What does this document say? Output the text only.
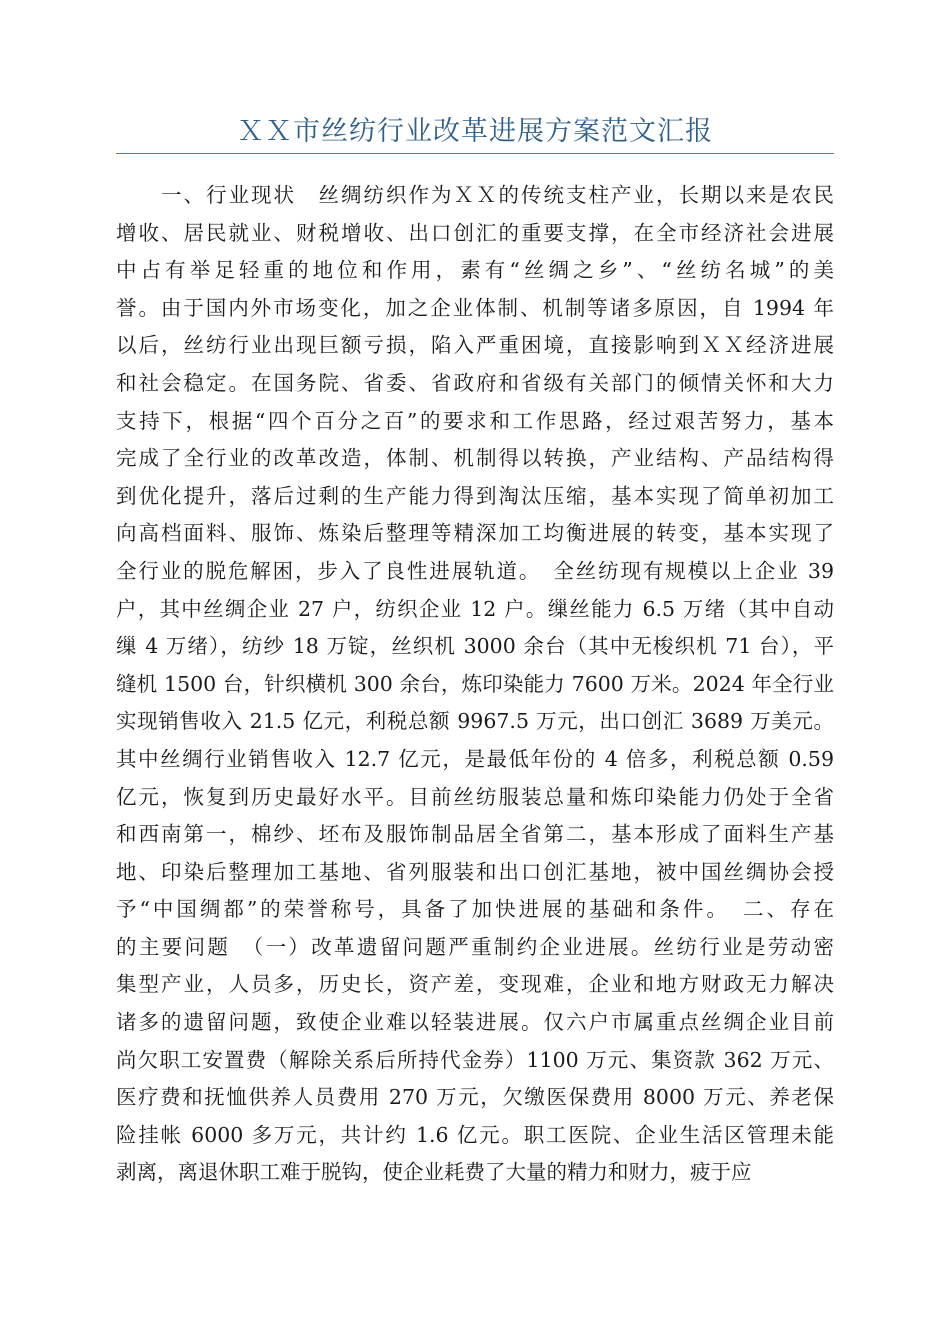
ＸＸ市丝纺行业改革进展方案范文汇报
　　一、行业现状　丝绸纺织作为ＸＸ的传统支柱产业，长期以来是农民
增收、居民就业、财税增收、出口创汇的重要支撑，在全市经济社会进展
中占有举足轻重的地位和作用，素有“丝绸之乡”、“丝纺名城”的美
誉。由于国内外市场变化，加之企业体制、机制等诸多原因，自 1994 年
以后，丝纺行业出现巨额亏损，陷入严重困境，直接影响到ＸＸ经济进展
和社会稳定。在国务院、省委、省政府和省级有关部门的倾情关怀和大力
支持下，根据“四个百分之百”的要求和工作思路，经过艰苦努力，基本
完成了全行业的改革改造，体制、机制得以转换，产业结构、产品结构得
到优化提升，落后过剩的生产能力得到淘汰压缩，基本实现了简单初加工
向高档面料、服饰、炼染后整理等精深加工均衡进展的转变，基本实现了
全行业的脱危解困，步入了良性进展轨道。　全丝纺现有规模以上企业 39
户，其中丝绸企业 27 户，纺织企业 12 户。缫丝能力 6.5 万绪（其中自动
缫 4 万绪），纺纱 18 万锭，丝织机 3000 余台（其中无梭织机 71 台），平
缝机 1500 台，针织横机 300 余台，炼印染能力 7600 万米。2024 年全行业
实现销售收入 21.5 亿元，利税总额 9967.5 万元，出口创汇 3689 万美元。
其中丝绸行业销售收入 12.7 亿元，是最低年份的 4 倍多，利税总额 0.59
亿元，恢复到历史最好水平。目前丝纺服装总量和炼印染能力仍处于全省
和西南第一，棉纱、坯布及服饰制品居全省第二，基本形成了面料生产基
地、印染后整理加工基地、省列服装和出口创汇基地，被中国丝绸协会授
予“中国绸都”的荣誉称号，具备了加快进展的基础和条件。　二、存在
的主要问题　（一）改革遗留问题严重制约企业进展。丝纺行业是劳动密
集型产业，人员多，历史长，资产差，变现难，企业和地方财政无力解决
诸多的遗留问题，致使企业难以轻装进展。仅六户市属重点丝绸企业目前
尚欠职工安置费（解除关系后所持代金券）1100 万元、集资款 362 万元、
医疗费和抚恤供养人员费用 270 万元，欠缴医保费用 8000 万元、养老保
险挂帐 6000 多万元，共计约 1.6 亿元。职工医院、企业生活区管理未能
剥离，离退休职工难于脱钩，使企业耗费了大量的精力和财力，疲于应
